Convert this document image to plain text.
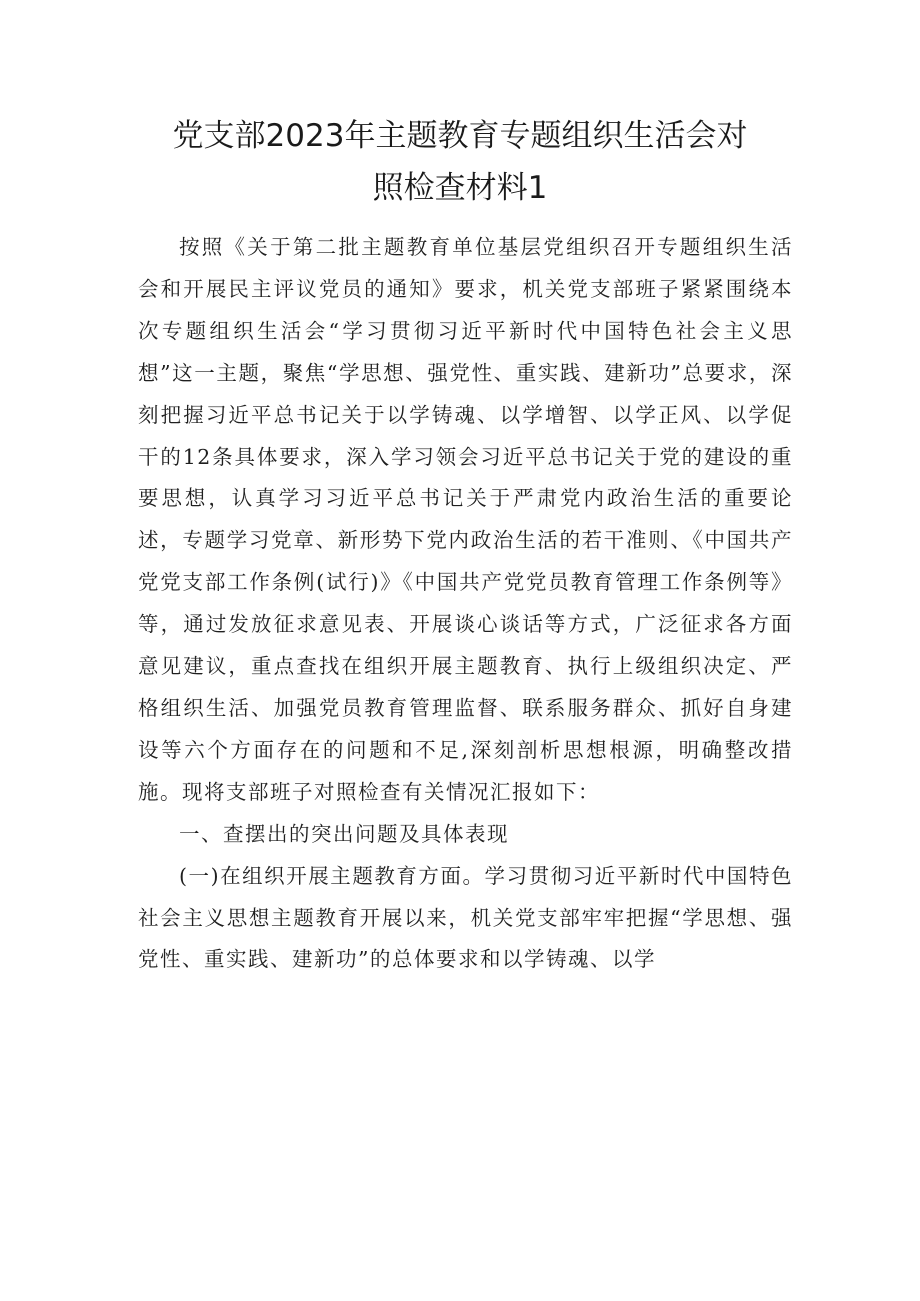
党支部2023年主题教育专题组织生活会对
照检查材料1

按照《关于第二批主题教育单位基层党组织召开专题组织生活会和开展民主评议党员的通知》要求，机关党支部班子紧紧围绕本次专题组织生活会“学习贯彻习近平新时代中国特色社会主义思想”这一主题，聚焦“学思想、强党性、重实践、建新功”总要求，深刻把握习近平总书记关于以学铸魂、以学增智、以学正风、以学促干的12条具体要求，深入学习领会习近平总书记关于党的建设的重要思想，认真学习习近平总书记关于严肃党内政治生活的重要论述，专题学习党章、新形势下党内政治生活的若干准则、《中国共产党党支部工作条例(试行)》《中国共产党党员教育管理工作条例等》等，通过发放征求意见表、开展谈心谈话等方式，广泛征求各方面意见建议，重点查找在组织开展主题教育、执行上级组织决定、严格组织生活、加强党员教育管理监督、联系服务群众、抓好自身建设等六个方面存在的问题和不足,深刻剖析思想根源，明确整改措施。现将支部班子对照检查有关情况汇报如下：

一、查摆出的突出问题及具体表现

(一)在组织开展主题教育方面。学习贯彻习近平新时代中国特色社会主义思想主题教育开展以来，机关党支部牢牢把握“学思想、强党性、重实践、建新功”的总体要求和以学铸魂、以学
